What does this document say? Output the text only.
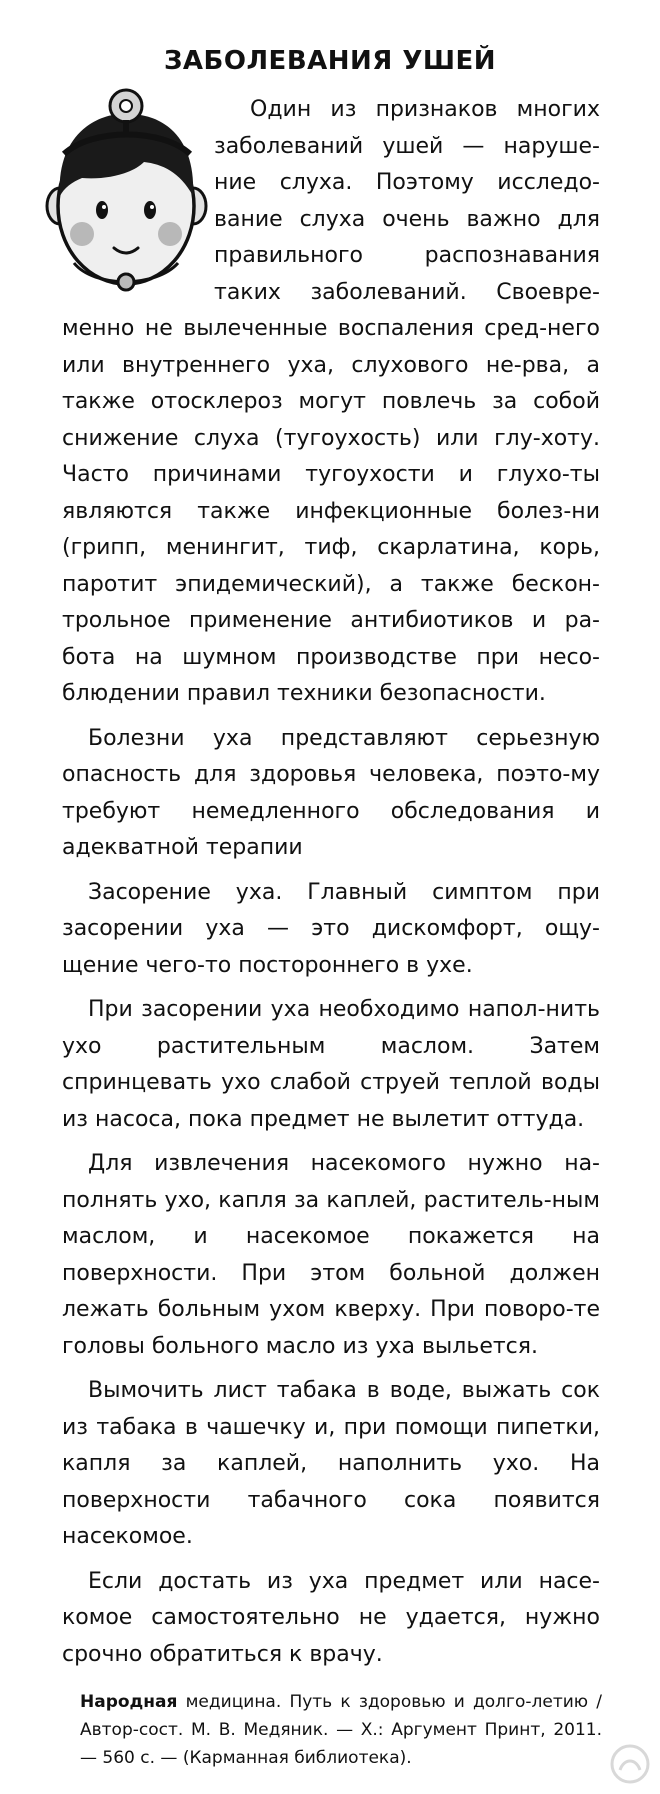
ЗАБОЛЕВАНИЯ УШЕЙ

Один из признаков многих заболеваний ушей — наруше-ние слуха. Поэтому исследо-вание слуха очень важно для правильного распознавания таких заболеваний. Своевре-менно не вылеченные воспаления сред-него или внутреннего уха, слухового не-рва, а также отосклероз могут повлечь за собой снижение слуха (тугоухость) или глу-хоту. Часто причинами тугоухости и глухо-ты являются также инфекционные болез-ни (грипп, менингит, тиф, скарлатина, корь, паротит эпидемический), а также бескон-трольное применение антибиотиков и ра-бота на шумном производстве при несо-блюдении правил техники безопасности.

Болезни уха представляют серьезную опасность для здоровья человека, поэто-му требуют немедленного обследования и адекватной терапии

Засорение уха. Главный симптом при засорении уха — это дискомфорт, ощу-щение чего-то постороннего в ухе.

При засорении уха необходимо напол-нить ухо растительным маслом. Затем спринцевать ухо слабой струей теплой воды из насоса, пока предмет не вылетит оттуда.

Для извлечения насекомого нужно на-полнять ухо, капля за каплей, раститель-ным маслом, и насекомое покажется на поверхности. При этом больной должен лежать больным ухом кверху. При поворо-те головы больного масло из уха выльется.

Вымочить лист табака в воде, выжать сок из табака в чашечку и, при помощи пипетки, капля за каплей, наполнить ухо. На поверхности табачного сока появится насекомое.

Если достать из уха предмет или насе-комое самостоятельно не удается, нужно срочно обратиться к врачу.

Народная медицина. Путь к здоровью и долго-летию / Автор-сост. М. В. Медяник. — Х.: Аргумент Принт, 2011. — 560 с. — (Карманная библиотека).
